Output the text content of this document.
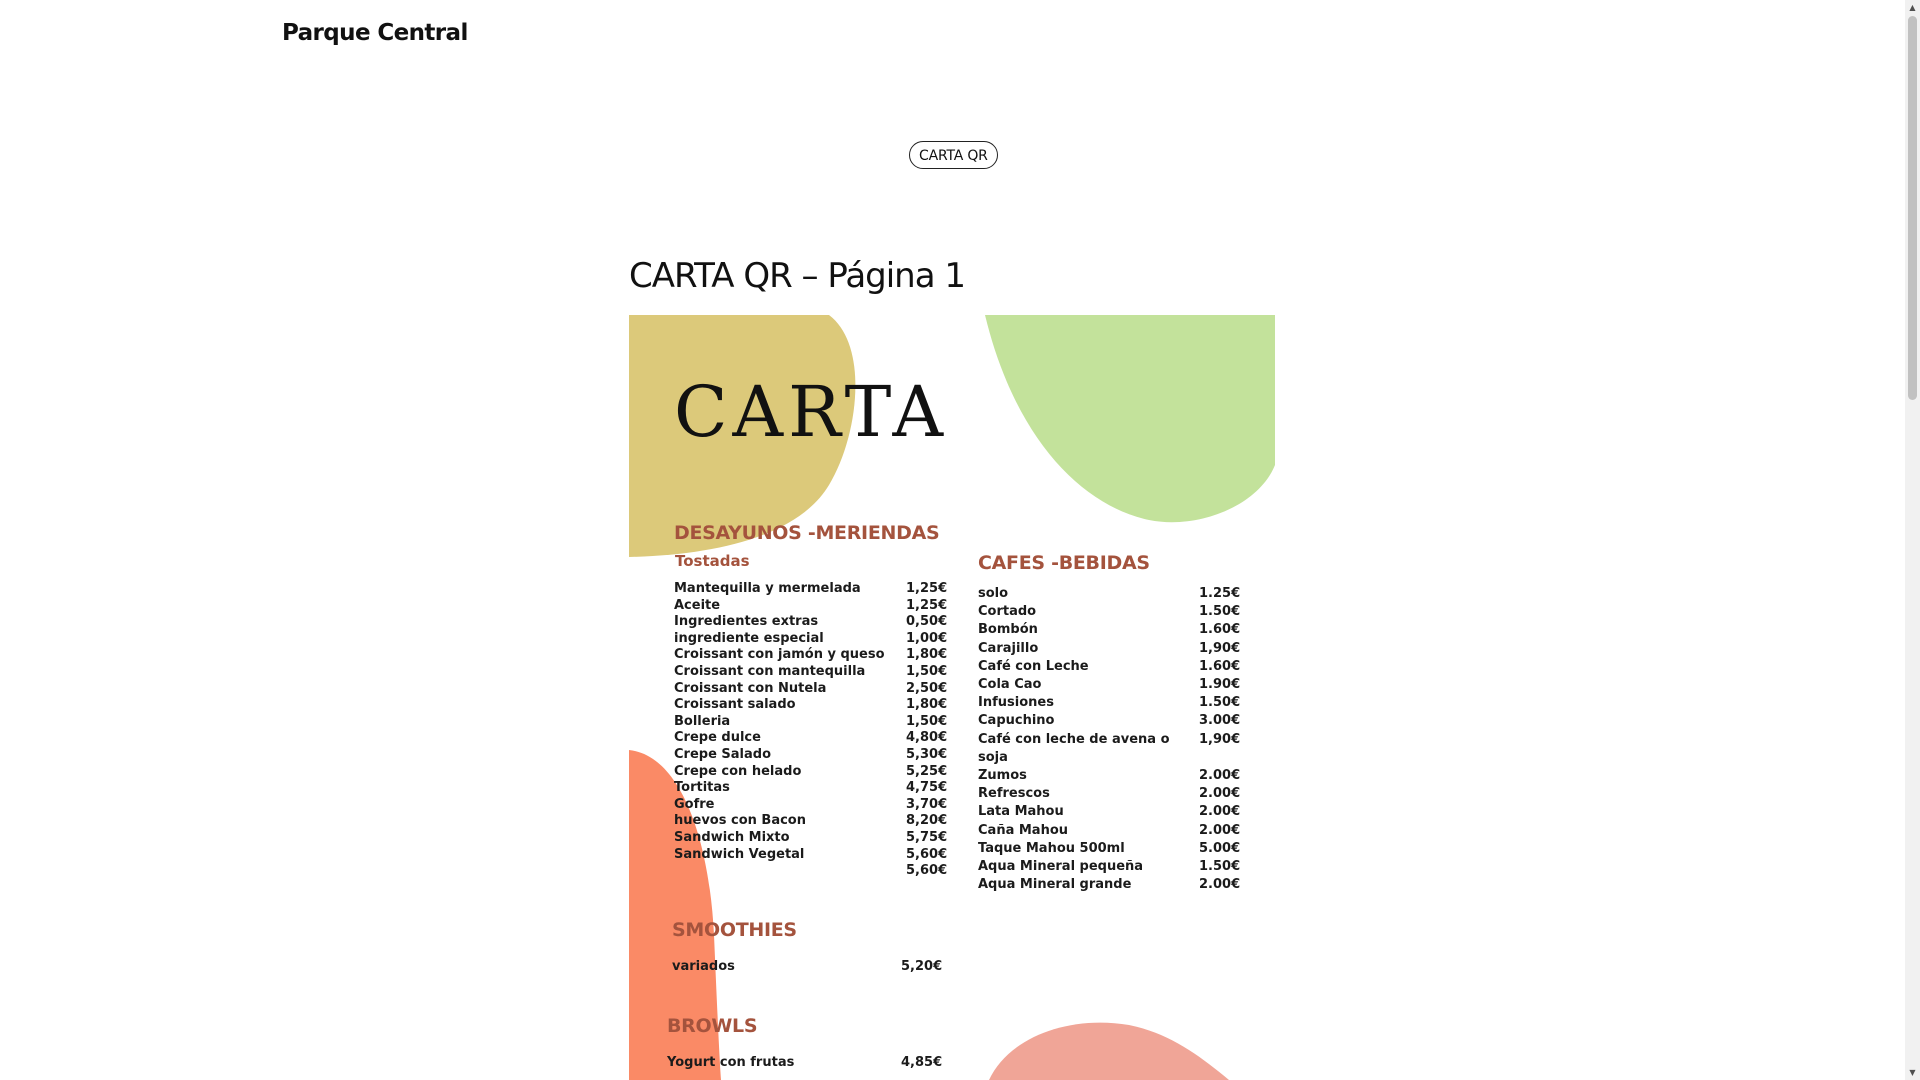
Parque Central
CARTA QR
CARTA QR – Página 1
CARTA
DESAYUNOS -MERIENDAS
Tostadas
Mantequilla y mermelada	1,25€
Aceite	1,25€
Ingredientes extras	0,50€
ingrediente especial	1,00€
Croissant con jamón y queso 1,80€
Croissant con mantequilla	1,50€
Croissant con Nutela	2,50€
Croissant salado	1,80€
Bolleria	1,50€
Crepe dulce	4,80€
Crepe Salado	5,30€
Crepe con helado	5,25€
Tortitas	4,75€
Gofre	3,70€
huevos con Bacon	8,20€
Sandwich Mixto	5,75€
Sandwich Vegetal	5,60€
5,60€
CAFES -BEBIDAS
solo	1.25€
Cortado	1.50€
Bombón	1.60€
Carajillo	1,90€
Café con Leche	1.60€
Cola Cao	1.90€
Infusiones	1.50€
Capuchino	3.00€
Café con leche de avena o 1,90€
soja
Zumos	2.00€
Refrescos	2.00€
Lata Mahou	2.00€
Caña Mahou	2.00€
Taque Mahou 500ml	5.00€
Aqua Mineral pequeña	1.50€
Aqua Mineral grande	2.00€
SMOOTHIES
variados	5,20€
BROWLS
Yogurt con frutas	4,85€
▲
▼
